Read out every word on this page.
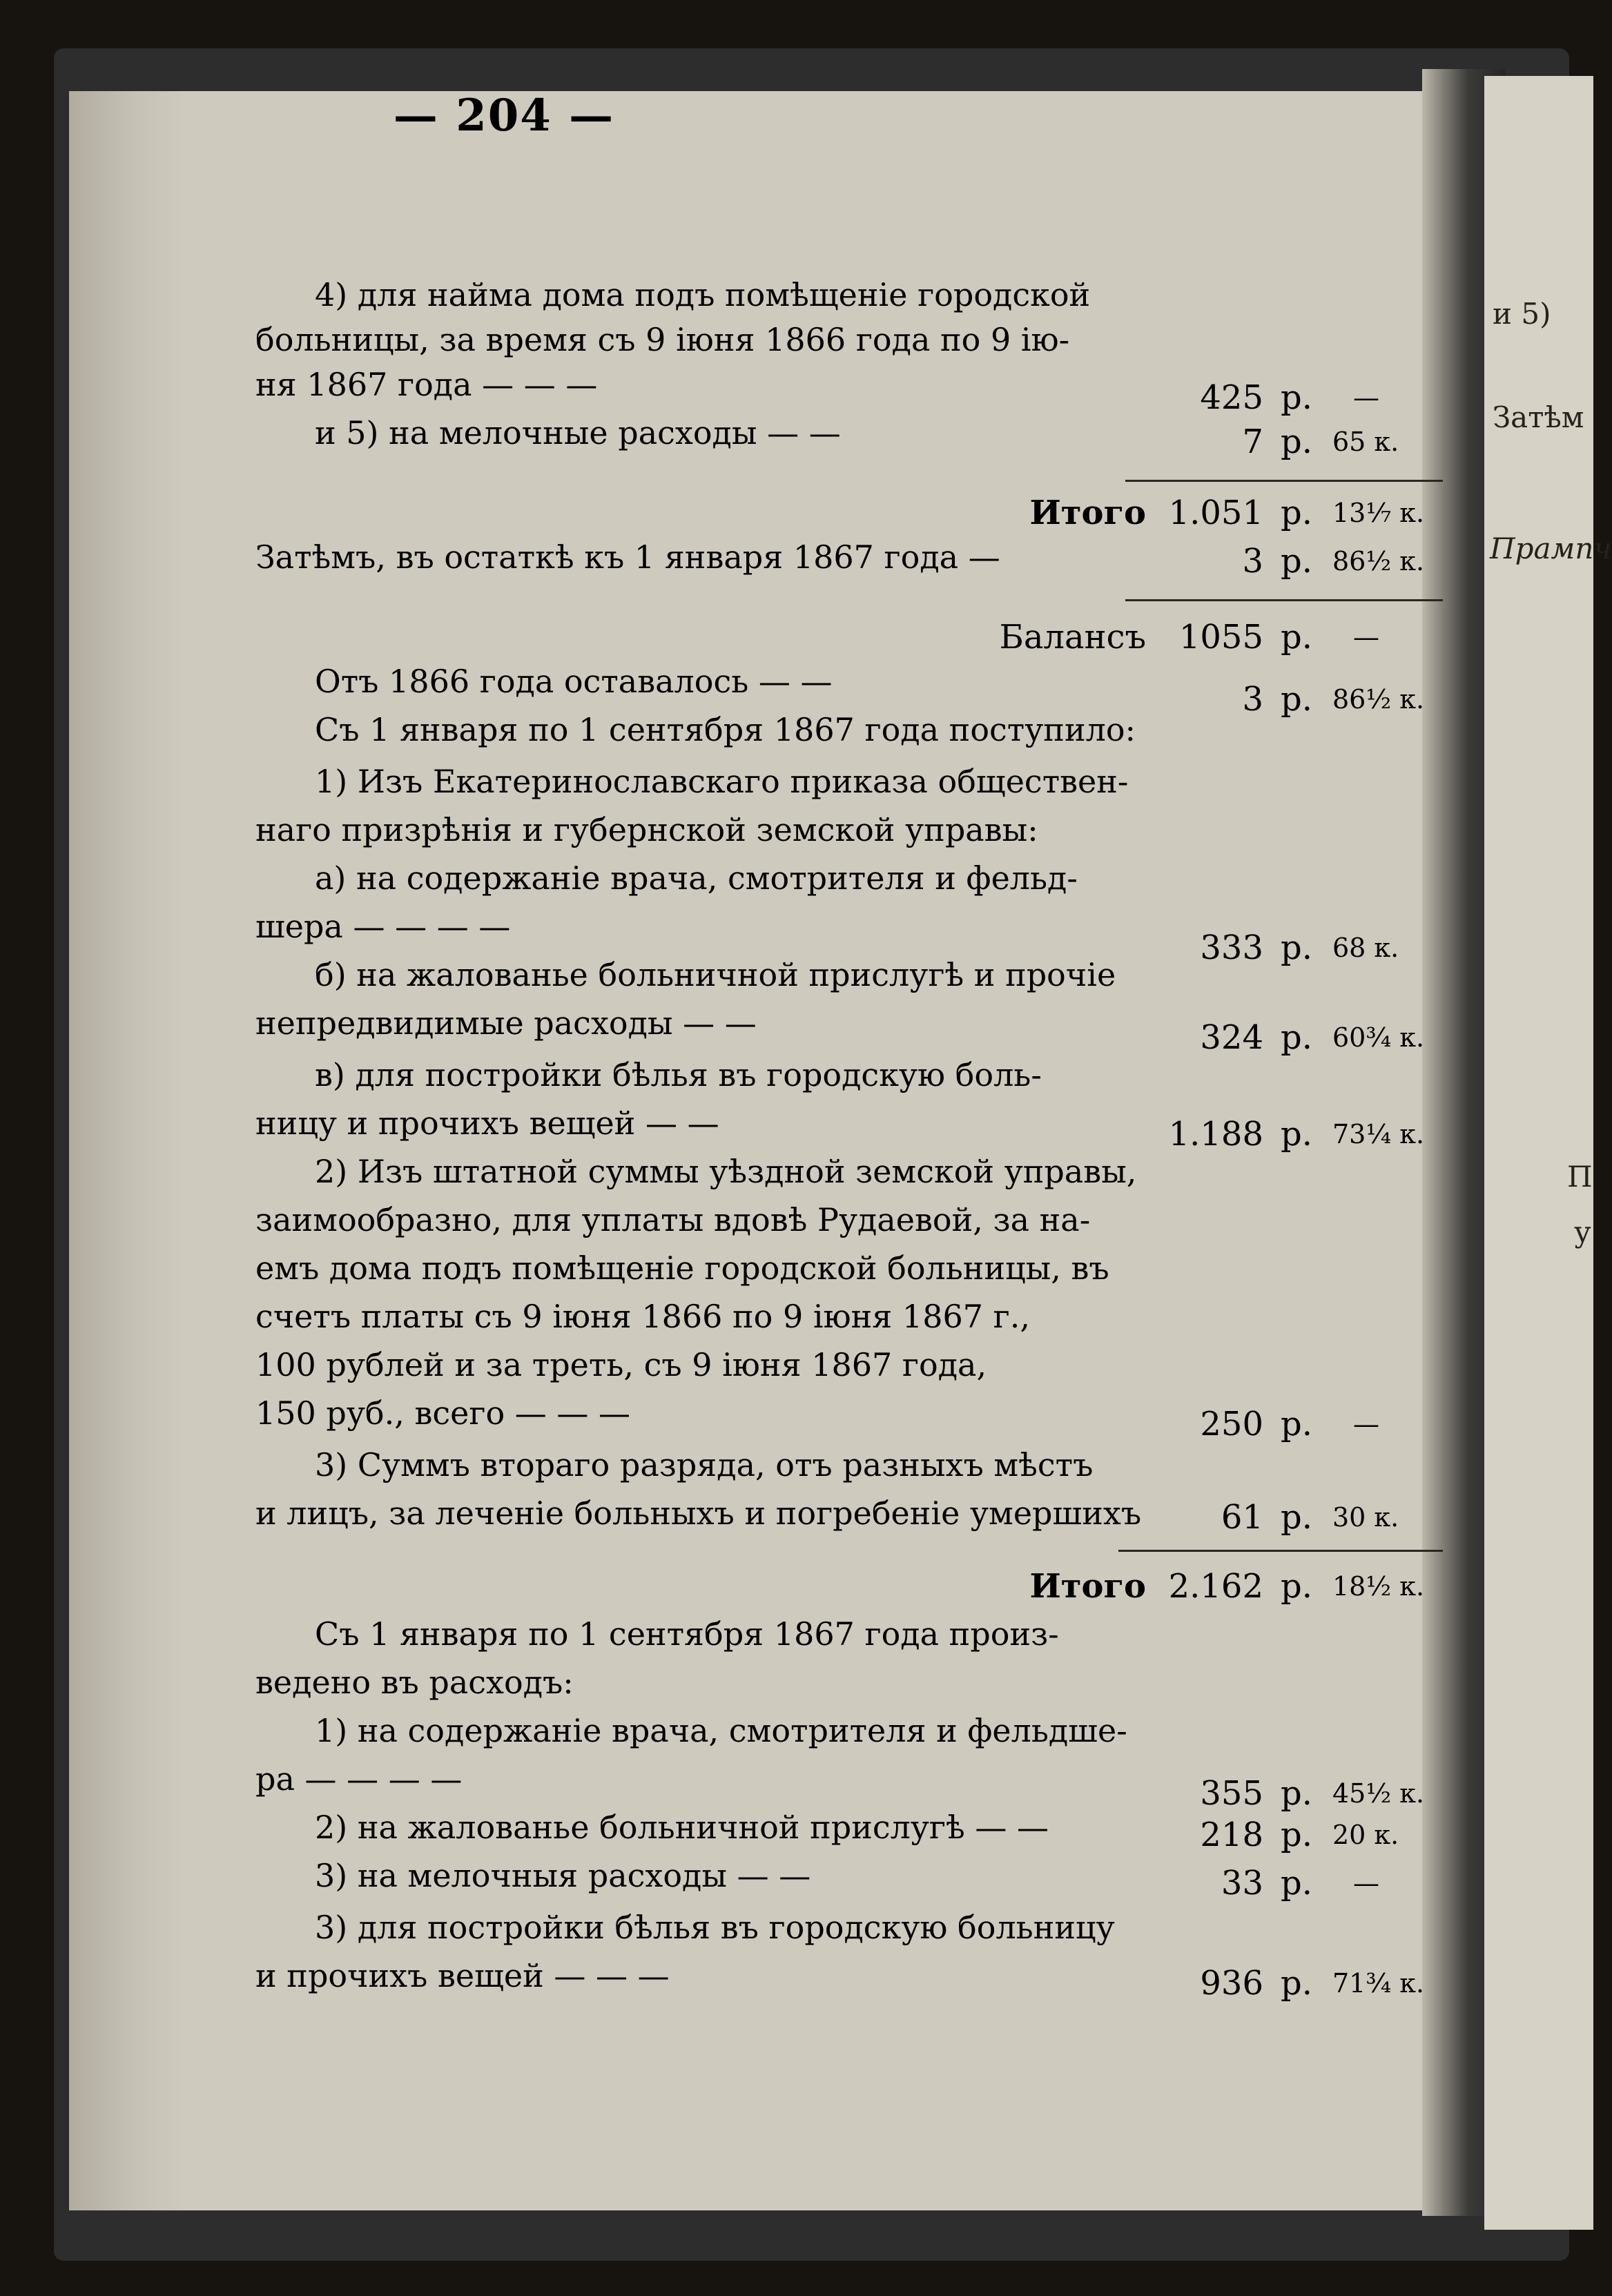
и 5)
Затѣм
Прампч
П
у
— 204 —
4) для найма дома подъ помѣщеніе городской
больницы, за время съ 9 іюня 1866 года по 9 ію-
ня 1867 года — — —
и 5) на мелочные расходы — —
Затѣмъ, въ остаткѣ къ 1 января 1867 года —
Отъ 1866 года оставалось — —
Съ 1 января по 1 сентября 1867 года поступило:
1) Изъ Екатеринославскаго приказа обществен-
наго призрѣнія и губернской земской управы:
а) на содержаніе врача, смотрителя и фельд-
шера — — — —
б) на жалованье больничной прислугѣ и прочіе
непредвидимые расходы — —
в) для постройки бѣлья въ городскую боль-
ницу и прочихъ вещей — —
2) Изъ штатной суммы уѣздной земской управы,
заимообразно, для уплаты вдовѣ Рудаевой, за на-
емъ дома подъ помѣщеніе городской больницы, въ
счетъ платы съ 9 іюня 1866 по 9 іюня 1867 г.,
100 рублей и за треть, съ 9 іюня 1867 года,
150 руб., всего — — —
3) Суммъ втораго разряда, отъ разныхъ мѣстъ
и лицъ, за леченіе больныхъ и погребеніе умершихъ
Съ 1 января по 1 сентября 1867 года произ-
ведено въ расходъ:
1) на содержаніе врача, смотрителя и фельдше-
ра — — — —
2) на жалованье больничной прислугѣ — —
3) на мелочныя расходы — —
3) для постройки бѣлья въ городскую больницу
и прочихъ вещей — — —
425 р. —
7 р. 65 к.
Итого 1.051 р. 13⅐ к.
3 р. 86½ к.
Балансъ 1055 р. —
3 р. 86½ к.
333 р. 68 к.
324 р. 60¾ к.
1.188 р. 73¼ к.
250 р. —
61 р. 30 к.
Итого 2.162 р. 18½ к.
355 р. 45½ к.
218 р. 20 к.
33 р. —
936 р. 71¾ к.
